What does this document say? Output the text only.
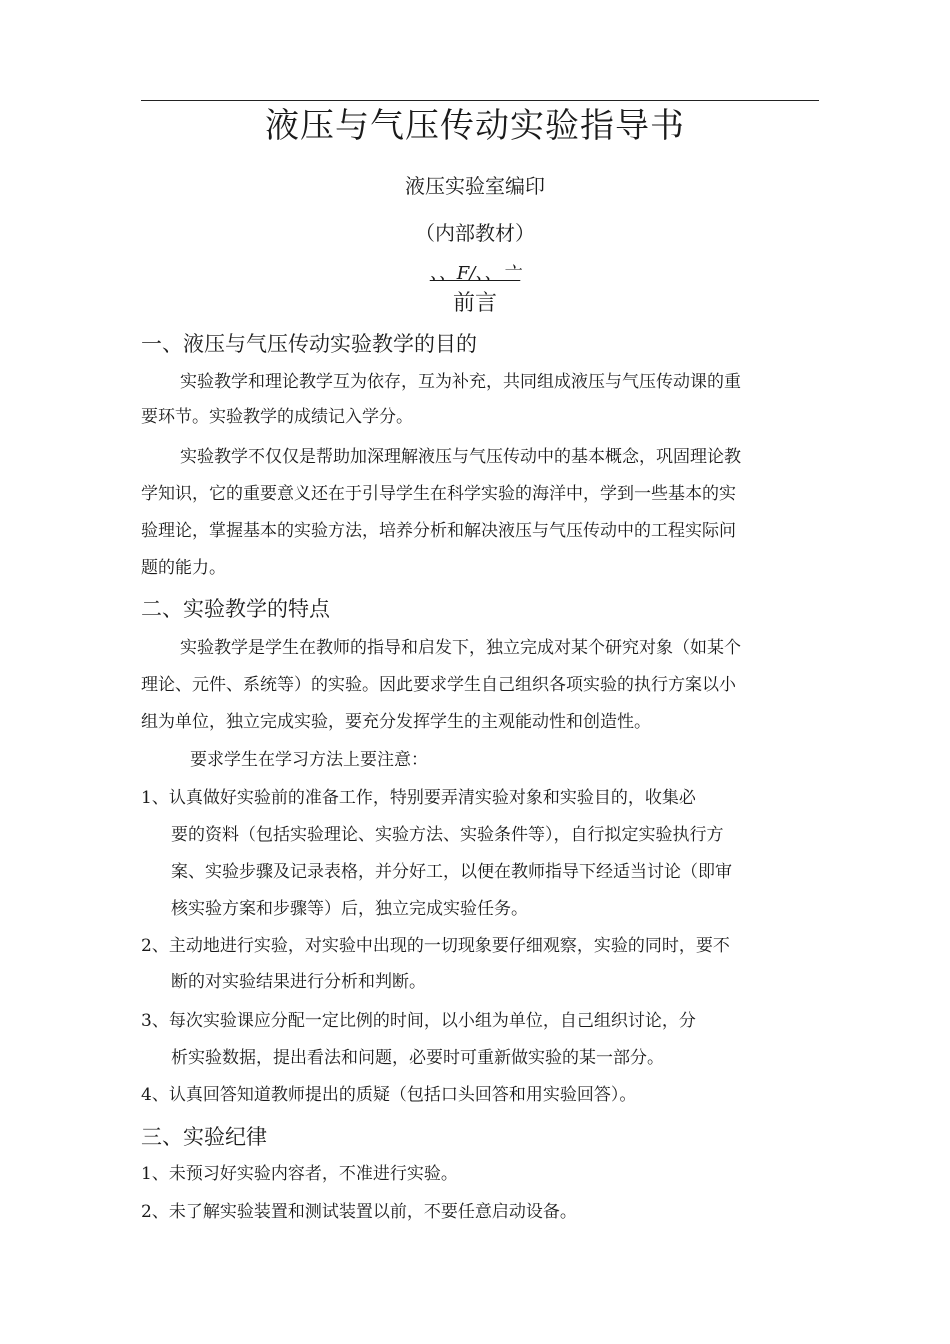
液压与气压传动实验指导书
液压实验室编印
（内部教材）
、、F/、、亠
前言
一、液压与气压传动实验教学的目的
实验教学和理论教学互为依存，互为补充，共同组成液压与气压传动课的重
要环节。实验教学的成绩记入学分。
实验教学不仅仅是帮助加深理解液压与气压传动中的基本概念，巩固理论教
学知识，它的重要意义还在于引导学生在科学实验的海洋中，学到一些基本的实
验理论，掌握基本的实验方法，培养分析和解决液压与气压传动中的工程实际问
题的能力。
二、实验教学的特点
实验教学是学生在教师的指导和启发下，独立完成对某个研究对象（如某个
理论、元件、系统等）的实验。因此要求学生自己组织各项实验的执行方案以小
组为单位，独立完成实验，要充分发挥学生的主观能动性和创造性。
要求学生在学习方法上要注意：
1、认真做好实验前的准备工作，特别要弄清实验对象和实验目的，收集必
要的资料（包括实验理论、实验方法、实验条件等），自行拟定实验执行方
案、实验步骤及记录表格，并分好工，以便在教师指导下经适当讨论（即审
核实验方案和步骤等）后，独立完成实验任务。
2、主动地进行实验，对实验中出现的一切现象要仔细观察，实验的同时，要不
断的对实验结果进行分析和判断。
3、每次实验课应分配一定比例的时间，以小组为单位，自己组织讨论，分
析实验数据，提出看法和问题，必要时可重新做实验的某一部分。
4、认真回答知道教师提出的质疑（包括口头回答和用实验回答）。
三、实验纪律
1、未预习好实验内容者，不准进行实验。
2、未了解实验装置和测试装置以前，不要任意启动设备。
